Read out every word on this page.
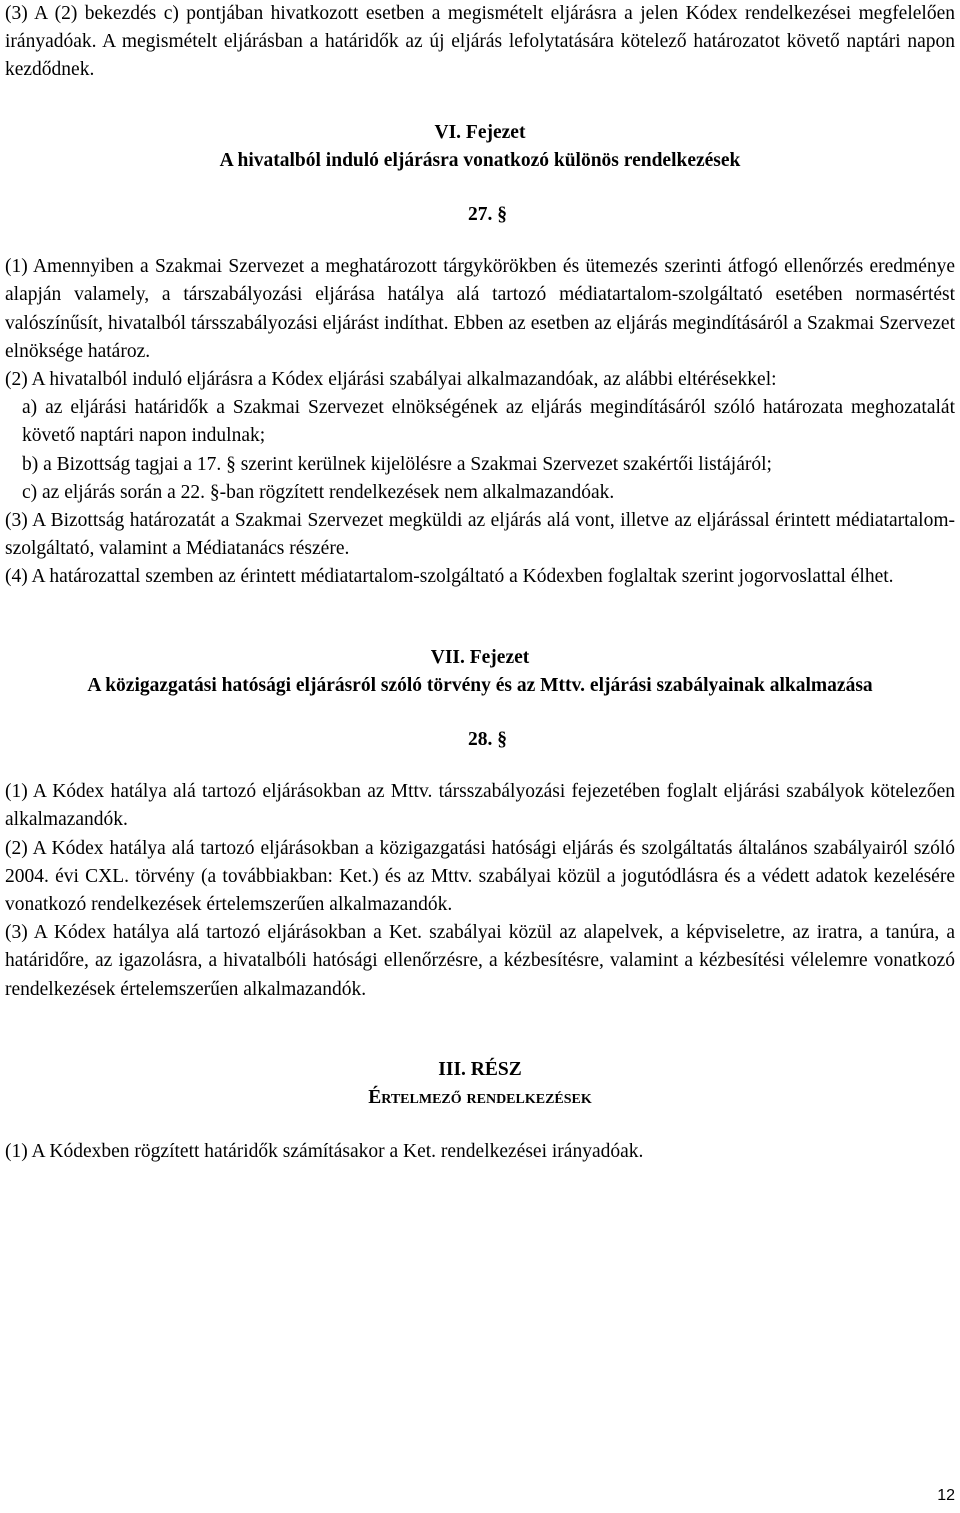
(3) A (2) bekezdés c) pontjában hivatkozott esetben a megismételt eljárásra a jelen Kódex rendelkezései megfelelően irányadóak. A megismételt eljárásban a határidők az új eljárás lefolytatására kötelező határozatot követő naptári napon kezdődnek.

VI. Fejezet

A hivatalból induló eljárásra vonatkozó különös rendelkezések

27. §

(1) Amennyiben a Szakmai Szervezet a meghatározott tárgykörökben és ütemezés szerinti átfogó ellenőrzés eredménye alapján valamely, a társzabályozási eljárása hatálya alá tartozó médiatartalom-szolgáltató esetében normasértést valószínűsít, hivatalból társszabályozási eljárást indíthat. Ebben az esetben az eljárás megindításáról a Szakmai Szervezet elnöksége határoz.

(2) A hivatalból induló eljárásra a Kódex eljárási szabályai alkalmazandóak, az alábbi eltérésekkel:

a) az eljárási határidők a Szakmai Szervezet elnökségének az eljárás megindításáról szóló határozata meghozatalát követő naptári napon indulnak;

b) a Bizottság tagjai a 17. § szerint kerülnek kijelölésre a Szakmai Szervezet szakértői listájáról;

c) az eljárás során a 22. §-ban rögzített rendelkezések nem alkalmazandóak.

(3) A Bizottság határozatát a Szakmai Szervezet megküldi az eljárás alá vont, illetve az eljárással érintett médiatartalom-szolgáltató, valamint a Médiatanács részére.

(4) A határozattal szemben az érintett médiatartalom-szolgáltató a Kódexben foglaltak szerint jogorvoslattal élhet.

VII. Fejezet

A közigazgatási hatósági eljárásról szóló törvény és az Mttv. eljárási szabályainak alkalmazása

28. §

(1) A Kódex hatálya alá tartozó eljárásokban az Mttv. társszabályozási fejezetében foglalt eljárási szabályok kötelezően alkalmazandók.

(2) A Kódex hatálya alá tartozó eljárásokban a közigazgatási hatósági eljárás és szolgáltatás általános szabályairól szóló 2004. évi CXL. törvény (a továbbiakban: Ket.) és az Mttv. szabályai közül a jogutódlásra és a védett adatok kezelésére vonatkozó rendelkezések értelemszerűen alkalmazandók.

(3) A Kódex hatálya alá tartozó eljárásokban a Ket. szabályai közül az alapelvek, a képviseletre, az iratra, a tanúra, a határidőre, az igazolásra, a hivatalbóli hatósági ellenőrzésre, a kézbesítésre, valamint a kézbesítési vélelemre vonatkozó rendelkezések értelemszerűen alkalmazandók.

III. RÉSZ

Értelmező rendelkezések

(1) A Kódexben rögzített határidők számításakor a Ket. rendelkezései irányadóak.

12
